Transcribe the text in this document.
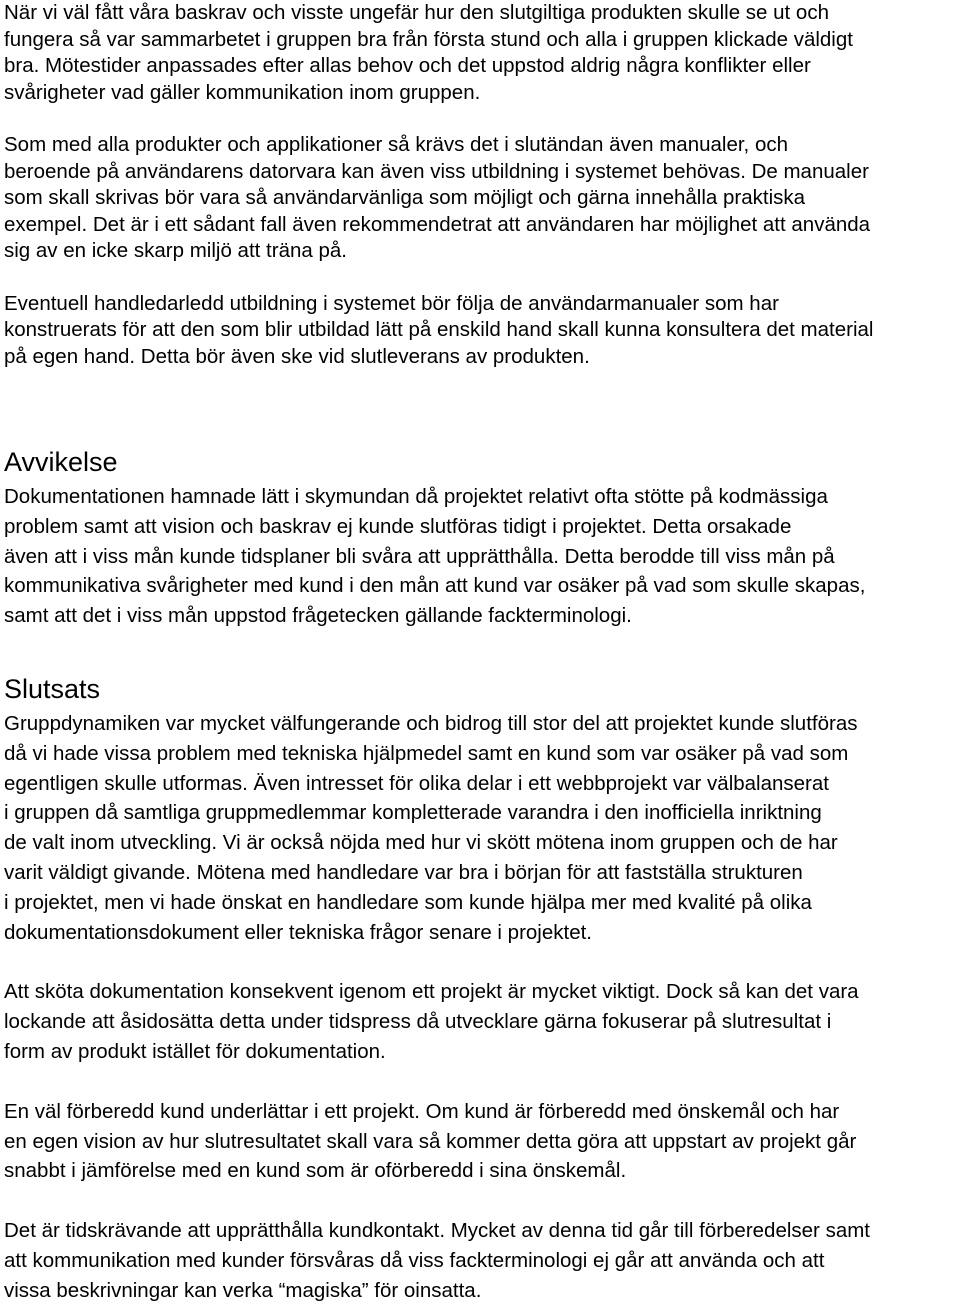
När vi väl fått våra baskrav och visste ungefär hur den slutgiltiga produkten skulle se ut och
fungera så var sammarbetet i gruppen bra från första stund och alla i gruppen klickade väldigt
bra. Mötestider anpassades efter allas behov och det uppstod aldrig några konflikter eller
svårigheter vad gäller kommunikation inom gruppen.

Som med alla produkter och applikationer så krävs det i slutändan även manualer, och
beroende på användarens datorvara kan även viss utbildning i systemet behövas. De manualer
som skall skrivas bör vara så användarvänliga som möjligt och gärna innehålla praktiska
exempel. Det är i ett sådant fall även rekommendetrat att användaren har möjlighet att använda
sig av en icke skarp miljö att träna på.

Eventuell handledarledd utbildning i systemet bör följa de användarmanualer som har
konstruerats för att den som blir utbildad lätt på enskild hand skall kunna konsultera det material
på egen hand. Detta bör även ske vid slutleverans av produkten.

Avvikelse

Dokumentationen hamnade lätt i skymundan då projektet relativt ofta stötte på kodmässiga
problem samt att vision och baskrav ej kunde slutföras tidigt i projektet. Detta orsakade
även att i viss mån kunde tidsplaner bli svåra att upprätthålla. Detta berodde till viss mån på
kommunikativa svårigheter med kund i den mån att kund var osäker på vad som skulle skapas,
samt att det i viss mån uppstod frågetecken gällande fackterminologi.

Slutsats

Gruppdynamiken var mycket välfungerande och bidrog till stor del att projektet kunde slutföras
då vi hade vissa problem med tekniska hjälpmedel samt en kund som var osäker på vad som
egentligen skulle utformas. Även intresset för olika delar i ett webbprojekt var välbalanserat
i gruppen då samtliga gruppmedlemmar kompletterade varandra i den inofficiella inriktning
de valt inom utveckling. Vi är också nöjda med hur vi skött mötena inom gruppen och de har
varit väldigt givande. Mötena med handledare var bra i början för att fastställa strukturen
i projektet, men vi hade önskat en handledare som kunde hjälpa mer med kvalité på olika
dokumentationsdokument eller tekniska frågor senare i projektet.

Att sköta dokumentation konsekvent igenom ett projekt är mycket viktigt. Dock så kan det vara
lockande att åsidosätta detta under tidspress då utvecklare gärna fokuserar på slutresultat i
form av produkt istället för dokumentation.

En väl förberedd kund underlättar i ett projekt. Om kund är förberedd med önskemål och har
en egen vision av hur slutresultatet skall vara så kommer detta göra att uppstart av projekt går
snabbt i jämförelse med en kund som är oförberedd i sina önskemål.

Det är tidskrävande att upprätthålla kundkontakt. Mycket av denna tid går till förberedelser samt
att kommunikation med kunder försvåras då viss fackterminologi ej går att använda och att
vissa beskrivningar kan verka “magiska” för oinsatta.
